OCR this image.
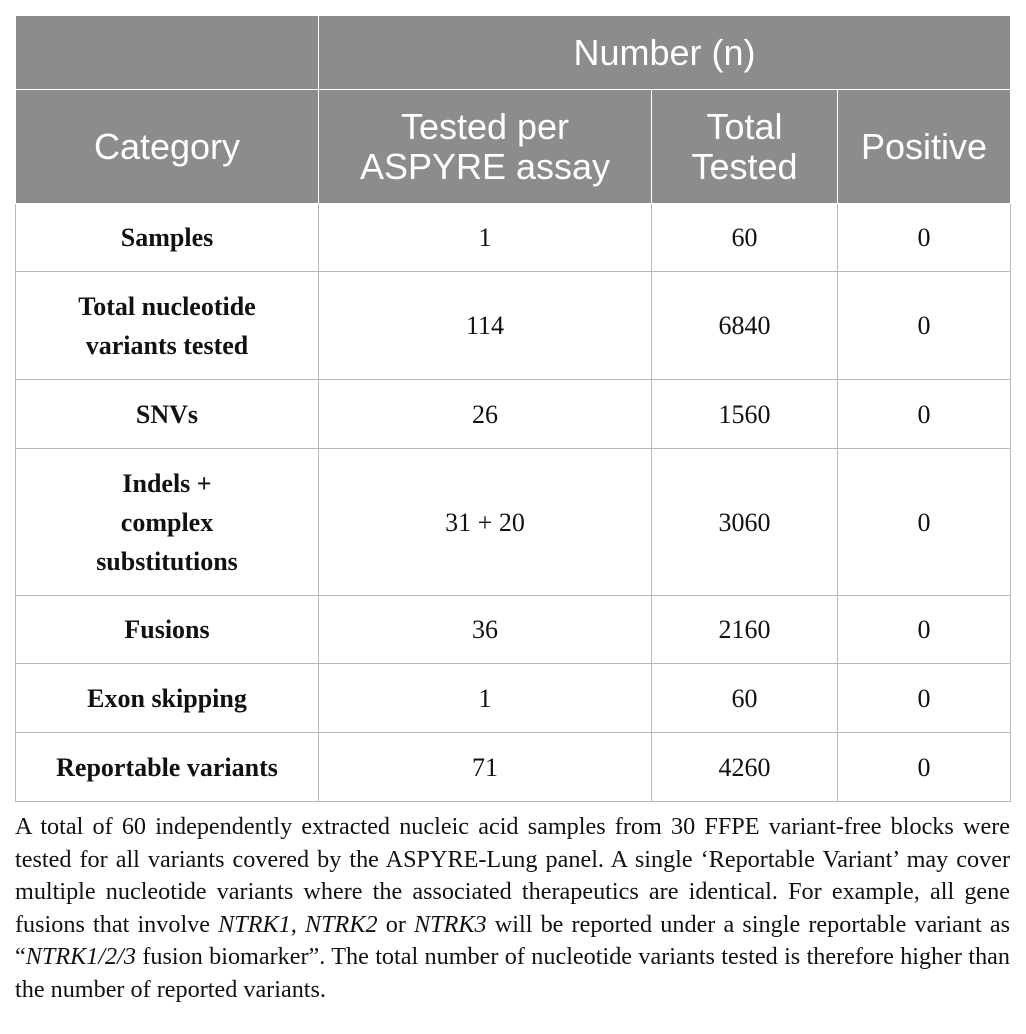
	Number (n)		
Category	Tested per ASPYRE assay	Total Tested	Positive
Samples	1	60	0
Total nucleotide variants tested	114	6840	0
SNVs	26	1560	0
Indels + complex substitutions	31 + 20	3060	0
Fusions	36	2160	0
Exon skipping	1	60	0
Reportable variants	71	4260	0
A total of 60 independently extracted nucleic acid samples from 30 FFPE variant-free blocks were tested for all variants covered by the ASPYRE-Lung panel. A single ‘Reportable Variant’ may cover multiple nucleotide variants where the associated therapeutics are identical. For example, all gene fusions that involve NTRK1, NTRK2 or NTRK3 will be reported under a single reportable variant as “NTRK1/2/3 fusion biomarker”. The total number of nucleotide variants tested is therefore higher than the number of reported variants.
